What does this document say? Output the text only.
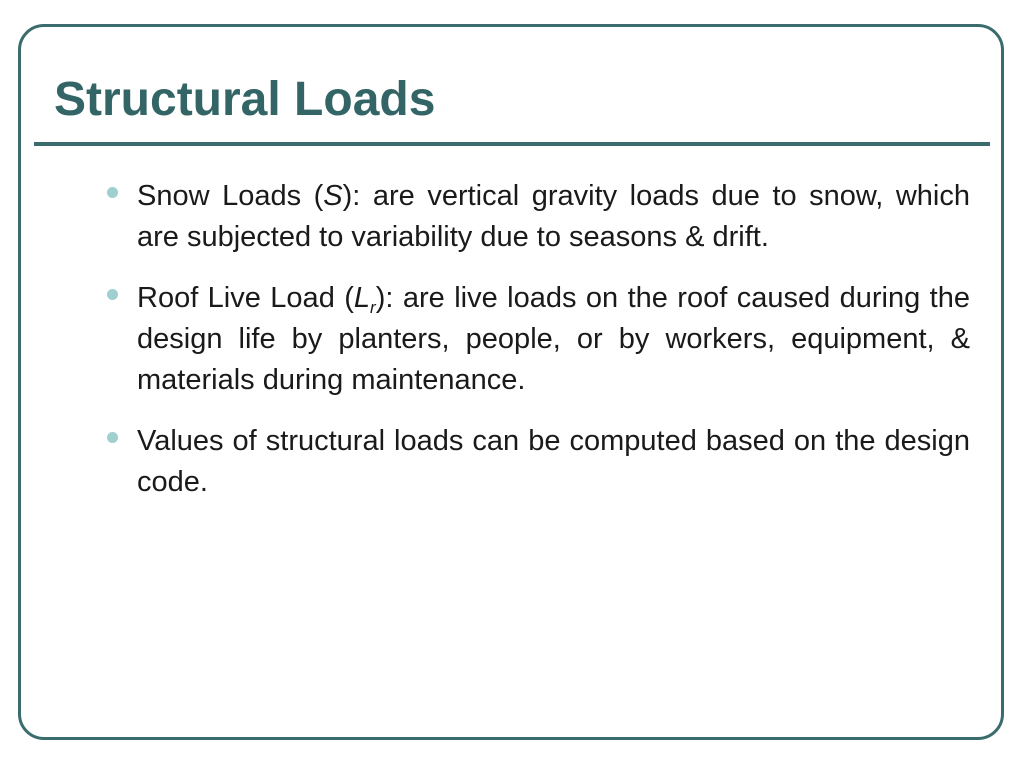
Structural Loads
Snow Loads (S): are vertical gravity loads due to snow, which are subjected to variability due to seasons & drift.
Roof Live Load $(L_r)$: are live loads on the roof caused during the design life by planters, people, or by workers, equipment, & materials during maintenance.
Values of structural loads can be computed based on the design code.
